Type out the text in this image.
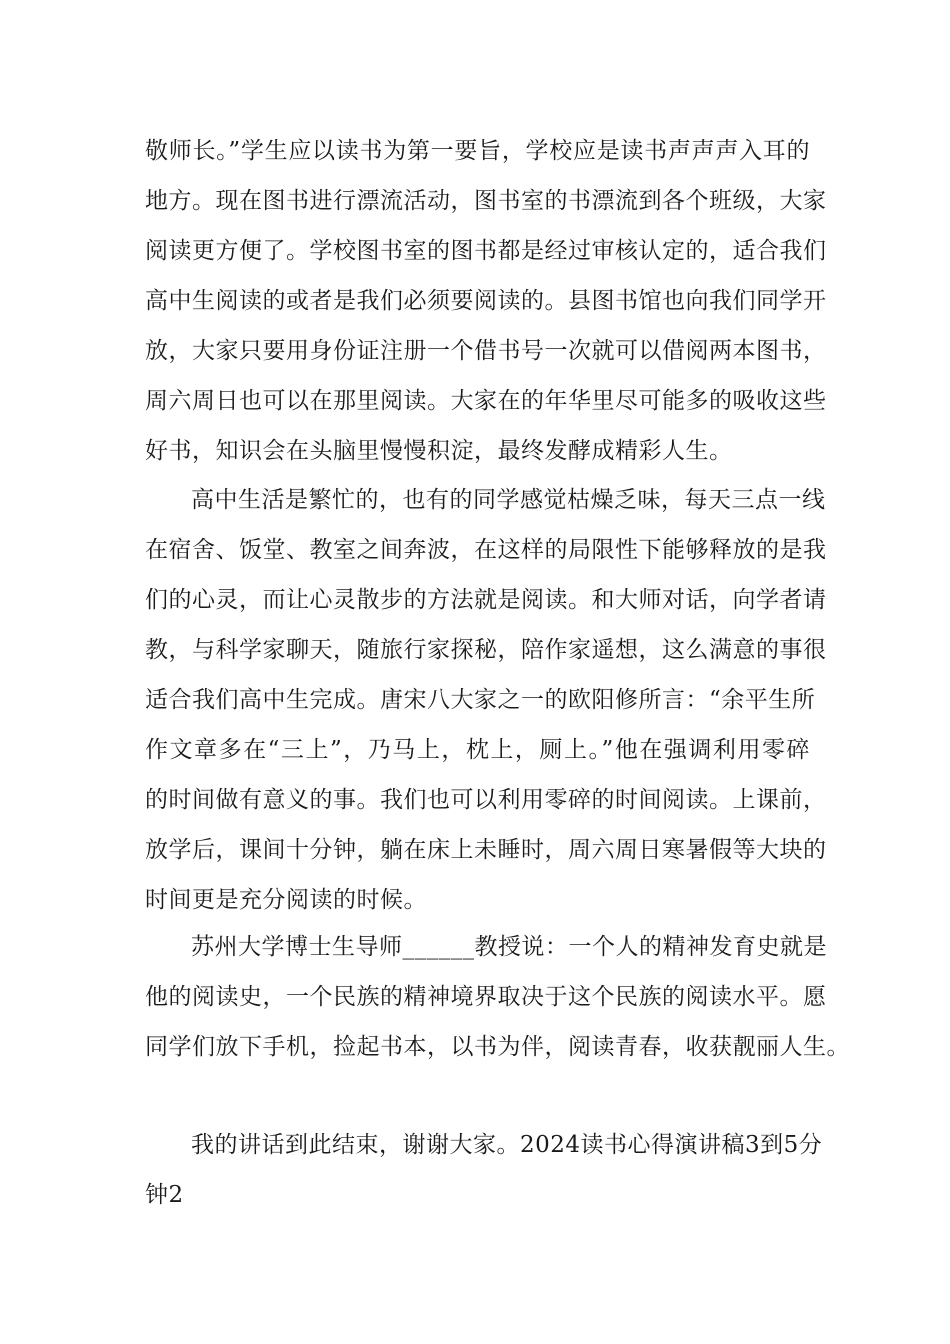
敬师长。”学生应以读书为第一要旨，学校应是读书声声声入耳的
地方。现在图书进行漂流活动，图书室的书漂流到各个班级，大家
阅读更方便了。学校图书室的图书都是经过审核认定的，适合我们
高中生阅读的或者是我们必须要阅读的。县图书馆也向我们同学开
放，大家只要用身份证注册一个借书号一次就可以借阅两本图书，
周六周日也可以在那里阅读。大家在的年华里尽可能多的吸收这些
好书，知识会在头脑里慢慢积淀，最终发酵成精彩人生。
高中生活是繁忙的，也有的同学感觉枯燥乏味，每天三点一线
在宿舍、饭堂、教室之间奔波，在这样的局限性下能够释放的是我
们的心灵，而让心灵散步的方法就是阅读。和大师对话，向学者请
教，与科学家聊天，随旅行家探秘，陪作家遥想，这么满意的事很
适合我们高中生完成。唐宋八大家之一的欧阳修所言：“余平生所
作文章多在“三上”，乃马上，枕上，厕上。”他在强调利用零碎
的时间做有意义的事。我们也可以利用零碎的时间阅读。上课前，
放学后，课间十分钟，躺在床上未睡时，周六周日寒暑假等大块的
时间更是充分阅读的时候。
苏州大学博士生导师______教授说：一个人的精神发育史就是
他的阅读史，一个民族的精神境界取决于这个民族的阅读水平。愿
同学们放下手机，捡起书本，以书为伴，阅读青春，收获靓丽人生。
我的讲话到此结束，谢谢大家。2024读书心得演讲稿3到5分
钟2
